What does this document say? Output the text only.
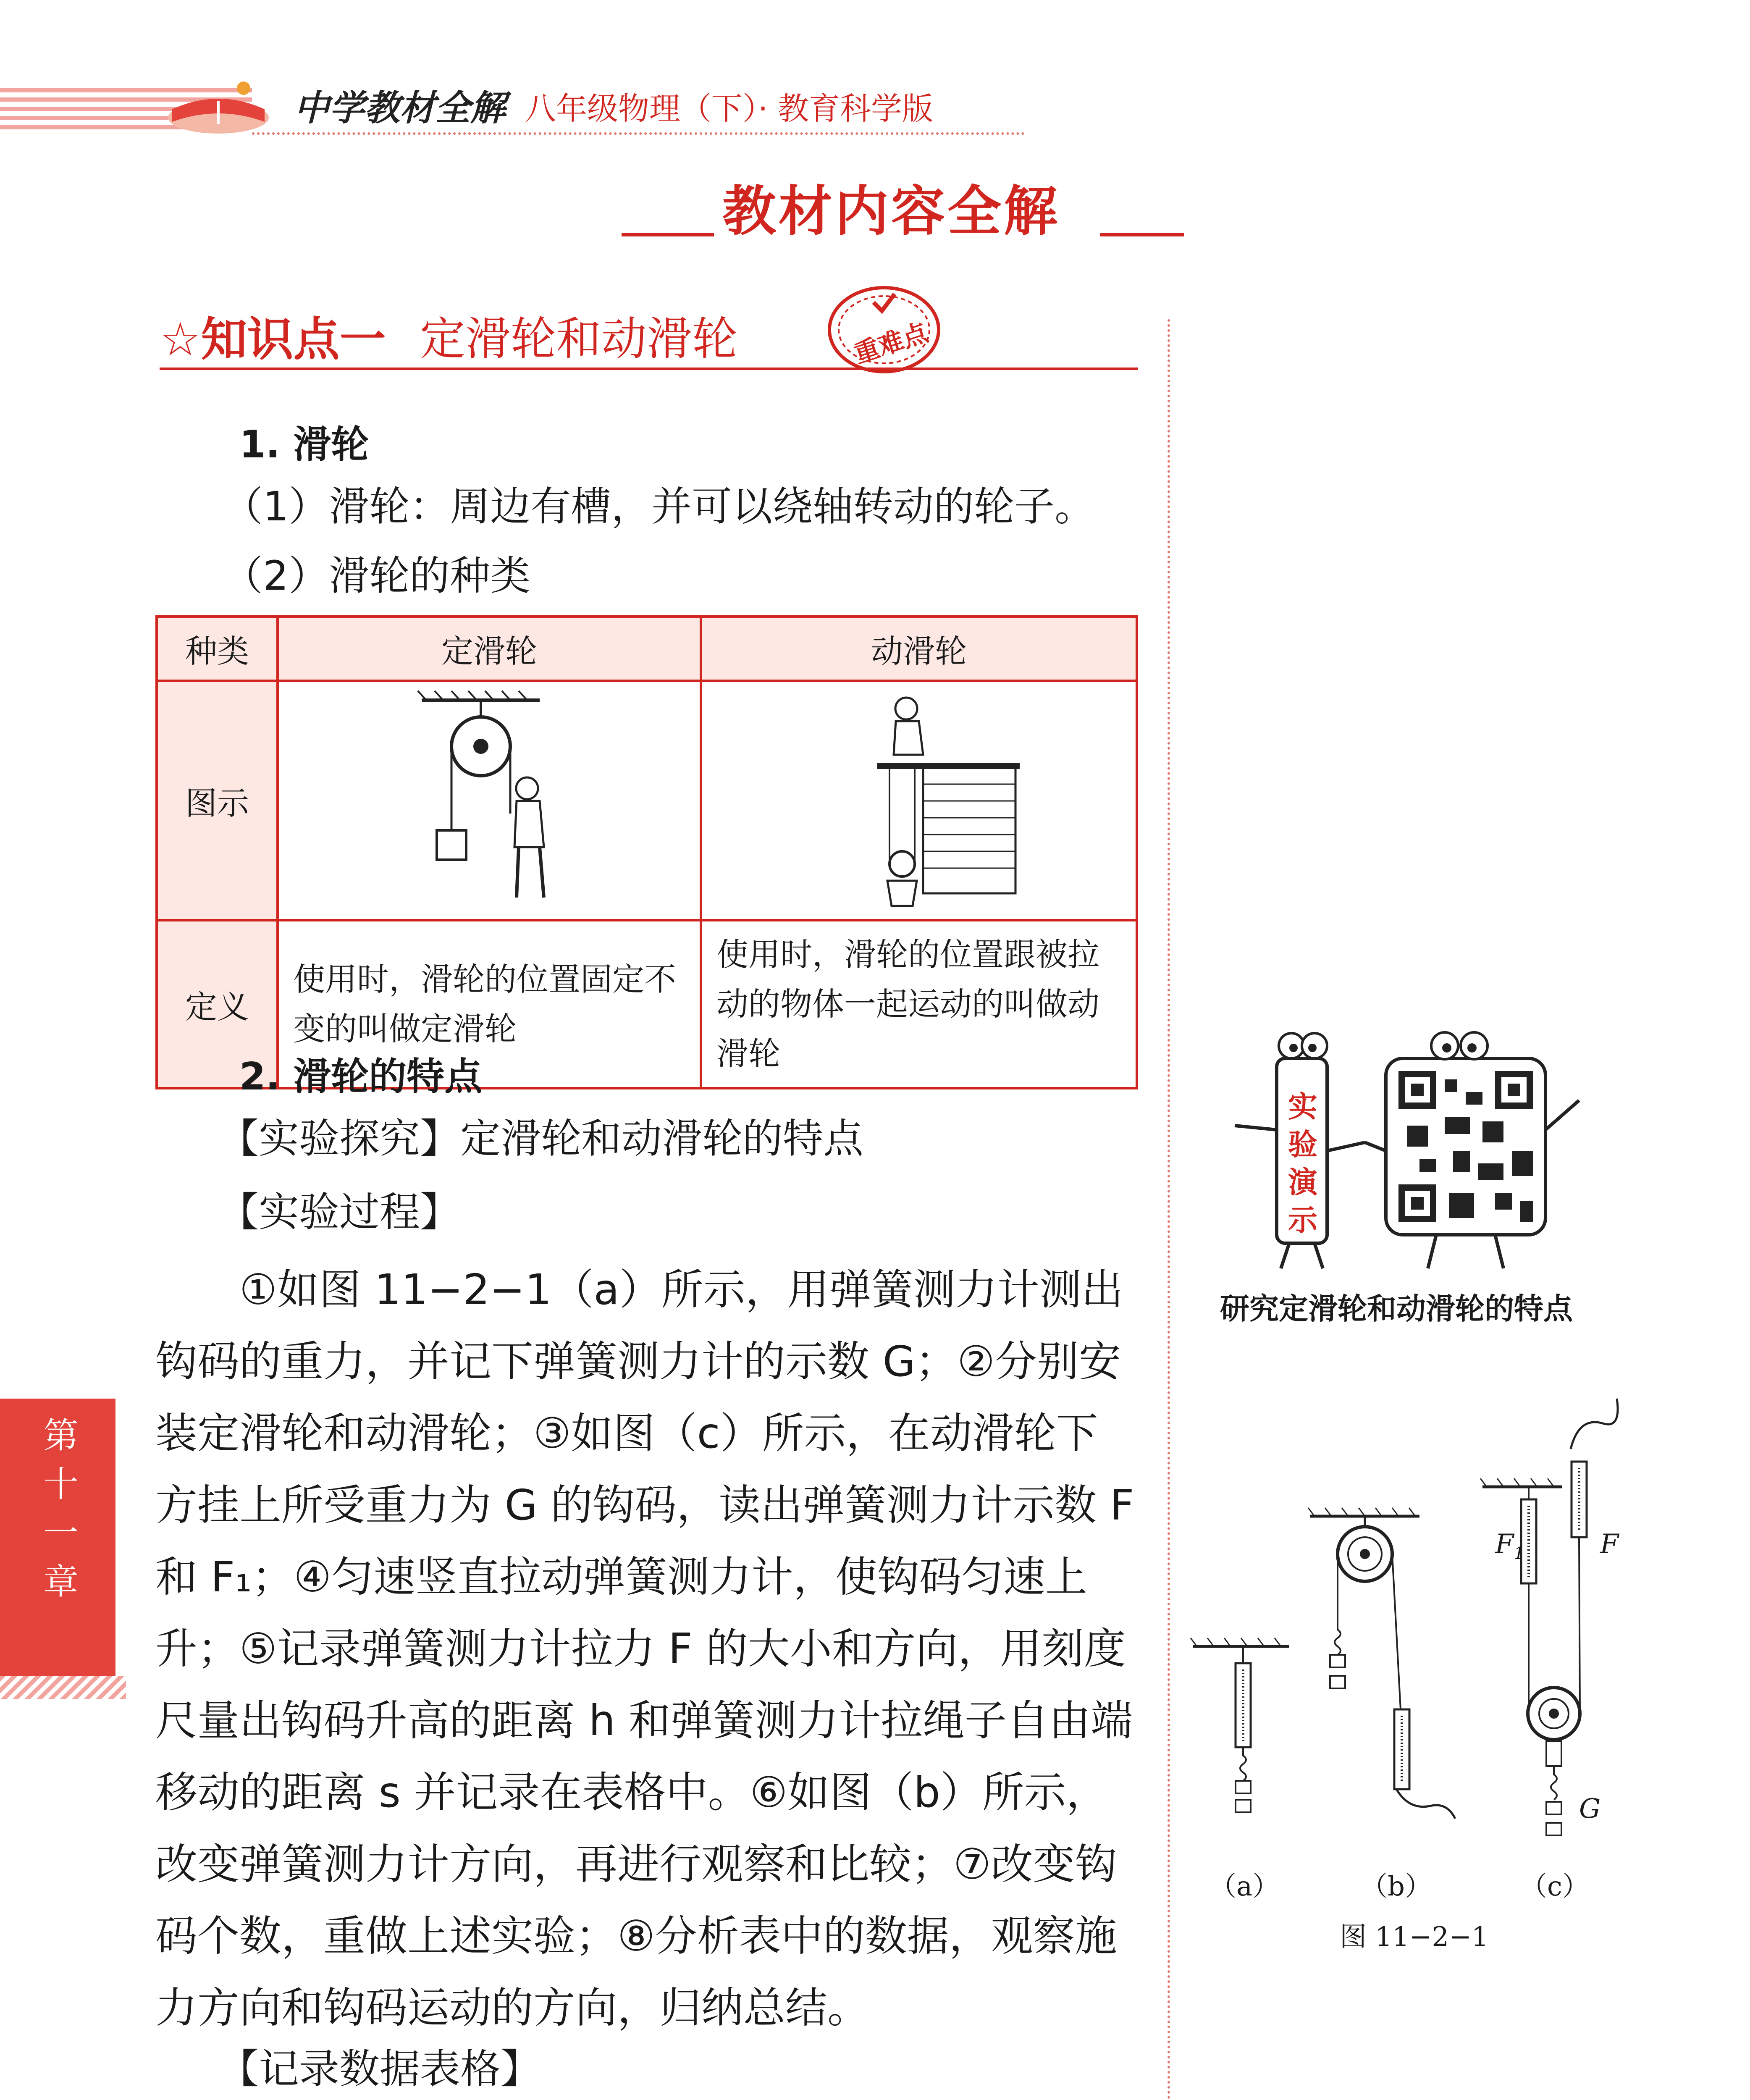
中学教材全解 八年级物理（下）· 教育科学版
教材内容全解
☆知识点一 定滑轮和动滑轮	重难点
1. 滑轮
（1）滑轮：周边有槽，并可以绕轴转动的轮子。
（2）滑轮的种类
种类	定滑轮	动滑轮
图示		
定义	使用时，滑轮的位置固定不变的叫做定滑轮	使用时，滑轮的位置跟被拉动的物体一起运动的叫做动滑轮
2. 滑轮的特点
【实验探究】定滑轮和动滑轮的特点
【实验过程】
①如图 11−2−1（a）所示，用弹簧测力计测出钩码的重力，并记下弹簧测力计的示数 G；②分别安装定滑轮和动滑轮；③如图（c）所示，在动滑轮下方挂上所受重力为 G 的钩码，读出弹簧测力计示数 F 和 F₁；④匀速竖直拉动弹簧测力计，使钩码匀速上升；⑤记录弹簧测力计拉力 F 的大小和方向，用刻度尺量出钩码升高的距离 h 和弹簧测力计拉绳子自由端移动的距离 s 并记录在表格中。⑥如图（b）所示，改变弹簧测力计方向，再进行观察和比较；⑦改变钩码个数，重做上述实验；⑧分析表中的数据，观察施力方向和钩码运动的方向，归纳总结。
【记录数据表格】

第十一章
实验演示
研究定滑轮和动滑轮的特点
$F_1$	F
G
（a）	（b）	（c）
图 11−2−1
